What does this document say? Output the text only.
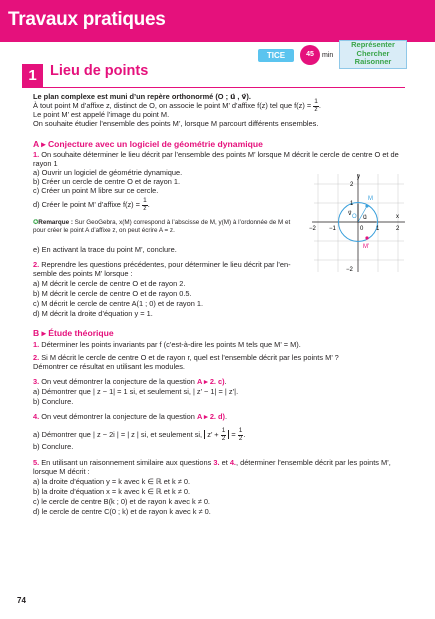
Travaux pratiques
TICE	45	min
Représenter
Chercher
Raisonner
1 Lieu de points
Le plan complexe est muni d’un repère orthonormé (O ; u⃗ , v⃗).
À tout point M d’affixe z, distinct de O, on associe le point M’ d’affixe f(z) tel que $f(z) = \frac{1}{z}$ .
Le point M’ est appelé l’image du point M.
On souhaite étudier l’ensemble des points M’, lorsque M parcourt différents ensembles.
A ▸ Conjecture avec un logiciel de géométrie dynamique
1. On souhaite déterminer le lieu décrit par l’ensemble des points M’ lorsque M décrit le cercle de centre O et de
rayon 1
a) Ouvrir un logiciel de géométrie dynamique.
b) Créer un cercle de centre O et de rayon 1.
c) Créer un point M libre sur ce cercle.
d) Créer le point M’ d’affixe $f(z) = \frac{1}{z}$ .
✪Remarque : Sur GeoGebra, x(M) correspond à l’abscisse de M, y(M) à l’ordonnée de M et
pour créer le point A d’affixe z, on peut écrire A = z.
e) En activant la trace du point M’, conclure.
2. Reprendre les questions précédentes, pour déterminer le lieu décrit par l’en-
semble des points M’ lorsque :
a) M décrit le cercle de centre O et de rayon 2.
b) M décrit le cercle de centre O et de rayon 0.5.
c) M décrit le cercle de centre A(1 ; 0) et de rayon 1.
d) M décrit la droite d’équation y = 1.
y
x
2
1
0
−2 −1	1	2
−2
O
v⃗
u⃗
M
M’
B ▸ Étude théorique
1. Déterminer les points invariants par f (c’est-à-dire les points M tels que M’ = M).
2. Si M décrit le cercle de centre O et de rayon r, quel est l’ensemble décrit par les points M’ ?
Démontrer ce résultat en utilisant les modules.
3. On veut démontrer la conjecture de la question A ▸ 2. c).
a) Démontrer que | z − 1| = 1 si, et seulement si, | z’ − 1| = | z’|.
b) Conclure.
4. On veut démontrer la conjecture de la question A ▸ 2. d).
a) Démontrer que | z − 2i | = | z | si, et seulement si, z’ + $\frac{1}{2} = \frac{1}{2}$ .
b) Conclure.
5. En utilisant un raisonnement similaire aux questions 3. et 4., déterminer l’ensemble décrit par les points M’,
lorsque M décrit :
a) la droite d’équation y = k avec k ∈ ℝ et k ≠ 0.
b) la droite d’équation x = k avec k ∈ ℝ et k ≠ 0.
c) le cercle de centre B(k ; 0) et de rayon k avec k ≠ 0.
d) le cercle de centre C(0 ; k) et de rayon k avec k ≠ 0.
74
